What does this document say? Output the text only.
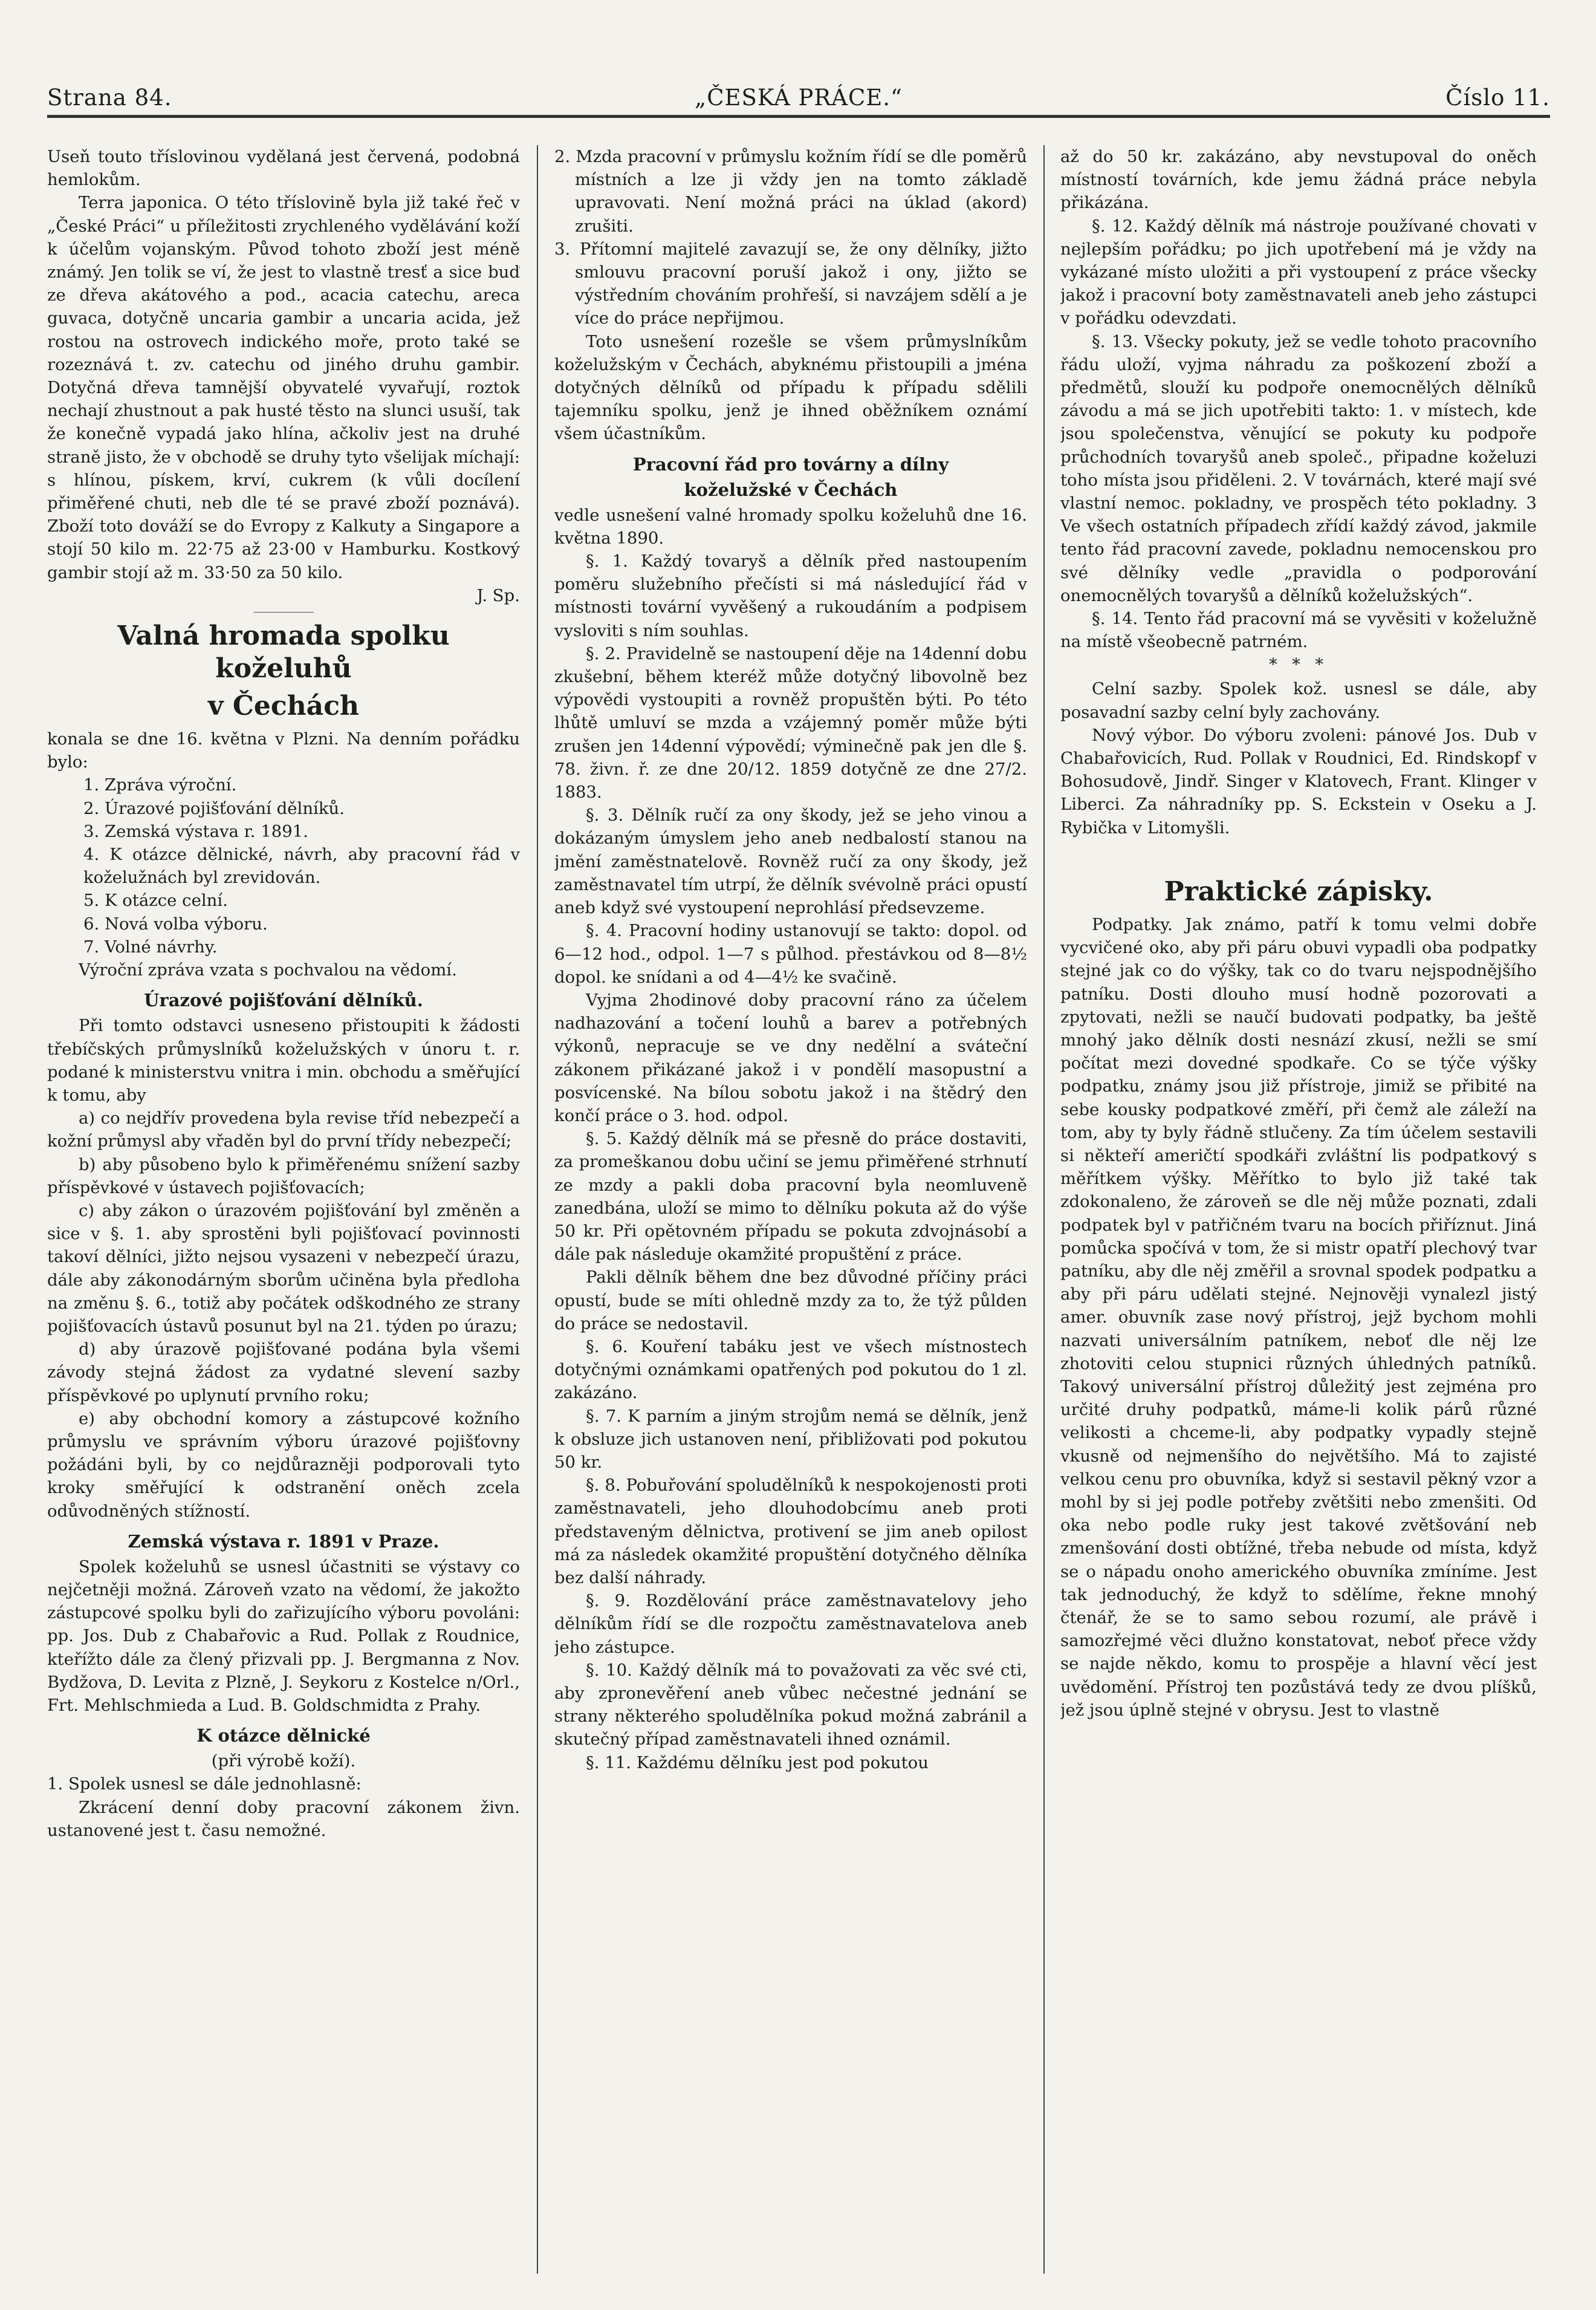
„ČESKÁ PRÁCE.“
Strana 84.	Číslo 11.

Useň touto tříslovinou vydělaná jest červená, podobná hemlokům.

Terra japonica. O této tříslovině byla již také řeč v „České Práci“ u příležitosti zrychleného vydělávání koží k účelům vojanským. Původ tohoto zboží jest méně známý. Jen tolik se ví, že jest to vlastně tresť a sice buď ze dřeva akátového a pod., acacia catechu, areca guvaca, dotyčně uncaria gambir a uncaria acida, jež rostou na ostrovech indického moře, proto také se rozeznává t. zv. catechu od jiného druhu gambir. Dotyčná dřeva tamnější obyvatelé vyvařují, roztok nechají zhustnout a pak husté těsto na slunci usuší, tak že konečně vypadá jako hlína, ačkoliv jest na druhé straně jisto, že v obchodě se druhy tyto všelijak míchají: s hlínou, pískem, krví, cukrem (k vůli docílení přiměřené chuti, neb dle té se pravé zboží poznává). Zboží toto dováží se do Evropy z Kalkuty a Singapore a stojí 50 kilo m. 22·75 až 23·00 v Hamburku. Kostkový gambir stojí až m. 33·50 za 50 kilo.

J. Sp.

Valná hromada spolku koželuhů
v Čechách

konala se dne 16. května v Plzni. Na denním pořádku bylo:

1. Zpráva výroční.

2. Úrazové pojišťování dělníků.

3. Zemská výstava r. 1891.

4. K otázce dělnické, návrh, aby pracovní řád v koželužnách byl zrevidován.

5. K otázce celní.

6. Nová volba výboru.

7. Volné návrhy.

Výroční zpráva vzata s pochvalou na vědomí.

Úrazové pojišťování dělníků.

Při tomto odstavci usneseno přistoupiti k žádosti třebíčských průmyslníků koželužských v únoru t. r. podané k ministerstvu vnitra i min. obchodu a směřující k tomu, aby

a) co nejdřív provedena byla revise tříd nebezpečí a kožní průmysl aby vřaděn byl do první třídy nebezpečí;

b) aby působeno bylo k přiměřenému snížení sazby příspěvkové v ústavech pojišťovacích;

c) aby zákon o úrazovém pojišťování byl změněn a sice v §. 1. aby sprostěni byli pojišťovací povinnosti takoví dělníci, jižto nejsou vysazeni v nebezpečí úrazu, dále aby zákonodárným sborům učiněna byla předloha na změnu §. 6., totiž aby počátek odškodného ze strany pojišťovacích ústavů posunut byl na 21. týden po úrazu;

d) aby úrazově pojišťované podána byla všemi závody stejná žádost za vydatné slevení sazby příspěvkové po uplynutí prvního roku;

e) aby obchodní komory a zástupcové kožního průmyslu ve správním výboru úrazové pojišťovny požádáni byli, by co nejdůrazněji podporovali tyto kroky směřující k odstranění oněch zcela odůvodněných stížností.

Zemská výstava r. 1891 v Praze.

Spolek koželuhů se usnesl účastniti se výstavy co nejčetněji možná. Zároveň vzato na vědomí, že jakožto zástupcové spolku byli do zařizujícího výboru povoláni: pp. Jos. Dub z Chabařovic a Rud. Pollak z Roudnice, kteřížto dále za člený přizvali pp. J. Bergmanna z Nov. Bydžova, D. Levita z Plzně, J. Seykoru z Kostelce n/Orl., Frt. Mehlschmieda a Lud. B. Goldschmidta z Prahy.

K otázce dělnické

(při výrobě koží).

1. Spolek usnesl se dále jednohlasně:

Zkrácení denní doby pracovní zákonem živn. ustanovené jest t. času nemožné.

2. Mzda pracovní v průmyslu kožním řídí se dle poměrů místních a lze ji vždy jen na tomto základě upravovati. Není možná práci na úklad (akord) zrušiti.

3. Přítomní majitelé zavazují se, že ony dělníky, jižto smlouvu pracovní poruší jakož i ony, jižto se výstředním chováním prohřeší, si navzájem sdělí a je více do práce nepřijmou.

Toto usnešení rozešle se všem průmyslníkům koželužským v Čechách, abyknému přistoupili a jména dotyčných dělníků od případu k případu sdělili tajemníku spolku, jenž je ihned oběžníkem oznámí všem účastníkům.

Pracovní řád pro továrny a dílny
koželužské v Čechách

vedle usnešení valné hromady spolku koželuhů dne 16. května 1890.

§. 1. Každý tovaryš a dělník před nastoupením poměru služebního přečísti si má následující řád v místnosti tovární vyvěšený a rukoudáním a podpisem vysloviti s ním souhlas.

§. 2. Pravidelně se nastoupení děje na 14denní dobu zkušební, během kteréž může dotyčný libovolně bez výpovědi vystoupiti a rovněž propuštěn býti. Po této lhůtě umluví se mzda a vzájemný poměr může býti zrušen jen 14denní výpovědí; výminečně pak jen dle §. 78. živn. ř. ze dne 20/12. 1859 dotyčně ze dne 27/2. 1883.

§. 3. Dělník ručí za ony škody, jež se jeho vinou a dokázaným úmyslem jeho aneb nedbalostí stanou na jmění zaměstnatelově. Rovněž ručí za ony škody, jež zaměstnavatel tím utrpí, že dělník svévolně práci opustí aneb když své vystoupení neprohlásí předsevzeme.

§. 4. Pracovní hodiny ustanovují se takto: dopol. od 6—12 hod., odpol. 1—7 s půlhod. přestávkou od 8—8½ dopol. ke snídani a od 4—4½ ke svačině.

Vyjma 2hodinové doby pracovní ráno za účelem nadhazování a točení louhů a barev a potřebných výkonů, nepracuje se ve dny nedělní a sváteční zákonem přikázané jakož i v pondělí masopustní a posvícenské. Na bílou sobotu jakož i na štědrý den končí práce o 3. hod. odpol.

§. 5. Každý dělník má se přesně do práce dostaviti, za promeškanou dobu učiní se jemu přiměřené strhnutí ze mzdy a pakli doba pracovní byla neomluveně zanedbána, uloží se mimo to dělníku pokuta až do výše 50 kr. Při opětovném případu se pokuta zdvojnásobí a dále pak následuje okamžité propuštění z práce.

Pakli dělník během dne bez důvodné příčiny práci opustí, bude se míti ohledně mzdy za to, že týž půlden do práce se nedostavil.

§. 6. Kouření tabáku jest ve všech místnostech dotyčnými oznámkami opatřených pod pokutou do 1 zl. zakázáno.

§. 7. K parním a jiným strojům nemá se dělník, jenž k obsluze jich ustanoven není, přibližovati pod pokutou 50 kr.

§. 8. Pobuřování spoludělníků k nespokojenosti proti zaměstnavateli, jeho dlouhodobcímu aneb proti představeným dělnictva, protivení se jim aneb opilost má za následek okamžité propuštění dotyčného dělníka bez další náhrady.

§. 9. Rozdělování práce zaměstnavatelovy jeho dělníkům řídí se dle rozpočtu zaměstnavatelova aneb jeho zástupce.

§. 10. Každý dělník má to považovati za věc své cti, aby zpronevěření aneb vůbec nečestné jednání se strany některého spoludělníka pokud možná zabránil a skutečný případ zaměstnavateli ihned oznámil.

§. 11. Každému dělníku jest pod pokutou

až do 50 kr. zakázáno, aby nevstupoval do oněch místností továrních, kde jemu žádná práce nebyla přikázána.

§. 12. Každý dělník má nástroje používané chovati v nejlepším pořádku; po jich upotřebení má je vždy na vykázané místo uložiti a při vystoupení z práce všecky jakož i pracovní boty zaměstnavateli aneb jeho zástupci v pořádku odevzdati.

§. 13. Všecky pokuty, jež se vedle tohoto pracovního řádu uloží, vyjma náhradu za poškození zboží a předmětů, slouží ku podpoře onemocnělých dělníků závodu a má se jich upotřebiti takto: 1. v místech, kde jsou společenstva, věnující se pokuty ku podpoře průchodních tovaryšů aneb společ., připadne koželuzi toho místa jsou přiděleni. 2. V továrnách, které mají své vlastní nemoc. pokladny, ve prospěch této pokladny. 3 Ve všech ostatních případech zřídí každý závod, jakmile tento řád pracovní zavede, pokladnu nemocenskou pro své dělníky vedle „pravidla o podporování onemocnělých tovaryšů a dělníků koželužských“.

§. 14. Tento řád pracovní má se vyvěsiti v koželužně na místě všeobecně patrném.

* * *

Celní sazby. Spolek kož. usnesl se dále, aby posavadní sazby celní byly zachovány.

Nový výbor. Do výboru zvoleni: pánové Jos. Dub v Chabařovicích, Rud. Pollak v Roudnici, Ed. Rindskopf v Bohosudově, Jindř. Singer v Klatovech, Frant. Klinger v Liberci. Za náhradníky pp. S. Eckstein v Oseku a J. Rybička v Litomyšli.

Praktické zápisky.

Podpatky. Jak známo, patří k tomu velmi dobře vycvičené oko, aby při páru obuvi vypadli oba podpatky stejné jak co do výšky, tak co do tvaru nejspodnějšího patníku. Dosti dlouho musí hodně pozorovati a zpytovati, nežli se naučí budovati podpatky, ba ještě mnohý jako dělník dosti nesnází zkusí, nežli se smí počítat mezi dovedné spodkaře. Co se týče výšky podpatku, známy jsou již přístroje, jimiž se přibité na sebe kousky podpatkové změří, při čemž ale záleží na tom, aby ty byly řádně stlučeny. Za tím účelem sestavili si někteří američtí spodkáři zvláštní lis podpatkový s měřítkem výšky. Měřítko to bylo již také tak zdokonaleno, že zároveň se dle něj může poznati, zdali podpatek byl v patřičném tvaru na bocích přiříznut. Jiná pomůcka spočívá v tom, že si mistr opatří plechový tvar patníku, aby dle něj změřil a srovnal spodek podpatku a aby při páru udělati stejné. Nejnověji vynalezl jistý amer. obuvník zase nový přístroj, jejž bychom mohli nazvati universálním patníkem, neboť dle něj lze zhotoviti celou stupnici různých úhledných patníků. Takový universální přístroj důležitý jest zejména pro určité druhy podpatků, máme-li kolik párů různé velikosti a chceme-li, aby podpatky vypadly stejně vkusně od nejmenšího do největšího. Má to zajisté velkou cenu pro obuvníka, když si sestavil pěkný vzor a mohl by si jej podle potřeby zvětšiti nebo zmenšiti. Od oka nebo podle ruky jest takové zvětšování neb zmenšování dosti obtížné, třeba nebude od místa, když se o nápadu onoho amerického obuvníka zmíníme. Jest tak jednoduchý, že když to sdělíme, řekne mnohý čtenář, že se to samo sebou rozumí, ale právě i samozřejmé věci dlužno konstatovat, neboť přece vždy se najde někdo, komu to prospěje a hlavní věcí jest uvědomění. Přístroj ten pozůstává tedy ze dvou plíšků, jež jsou úplně stejné v obrysu. Jest to vlastně
